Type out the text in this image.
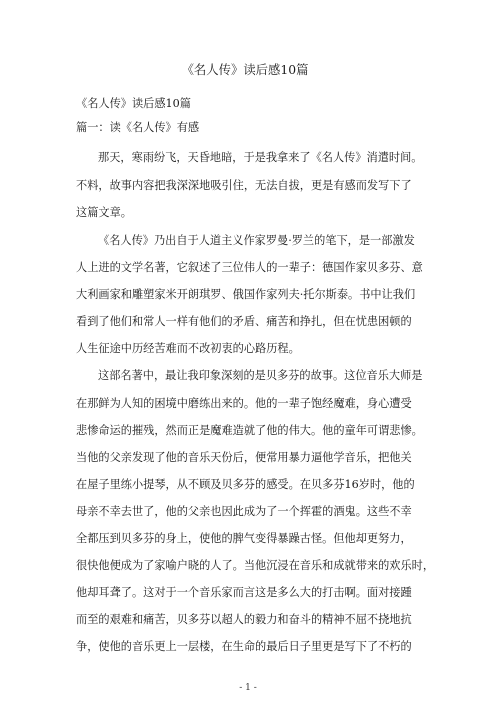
《名人传》读后感10篇
《名人传》读后感10篇
篇一：读《名人传》有感
那天，寒雨纷飞，天昏地暗，于是我拿来了《名人传》消遣时间。
不料，故事内容把我深深地吸引住，无法自拔，更是有感而发写下了
这篇文章。
《名人传》乃出自于人道主义作家罗曼·罗兰的笔下，是一部激发
人上进的文学名著，它叙述了三位伟人的一辈子：德国作家贝多芬、意
大利画家和雕塑家米开朗琪罗、俄国作家列夫·托尔斯泰。书中让我们
看到了他们和常人一样有他们的矛盾、痛苦和挣扎，但在忧患困顿的
人生征途中历经苦难而不改初衷的心路历程。
这部名著中，最让我印象深刻的是贝多芬的故事。这位音乐大师是
在那鲜为人知的困境中磨练出来的。他的一辈子饱经魔难，身心遭受
悲惨命运的摧残，然而正是魔难造就了他的伟大。他的童年可谓悲惨。
当他的父亲发现了他的音乐天份后，便常用暴力逼他学音乐，把他关
在屋子里练小提琴，从不顾及贝多芬的感受。在贝多芬16岁时，他的
母亲不幸去世了，他的父亲也因此成为了一个挥霍的酒鬼。这些不幸
全都压到贝多芬的身上，使他的脾气变得暴躁古怪。但他却更努力，
很快他便成为了家喻户晓的人了。当他沉浸在音乐和成就带来的欢乐时，
他却耳聋了。这对于一个音乐家而言这是多么大的打击啊。面对接踵
而至的艰难和痛苦，贝多芬以超人的毅力和奋斗的精神不屈不挠地抗
争，使他的音乐更上一层楼，在生命的最后日子里更是写下了不朽的
- 1 -
